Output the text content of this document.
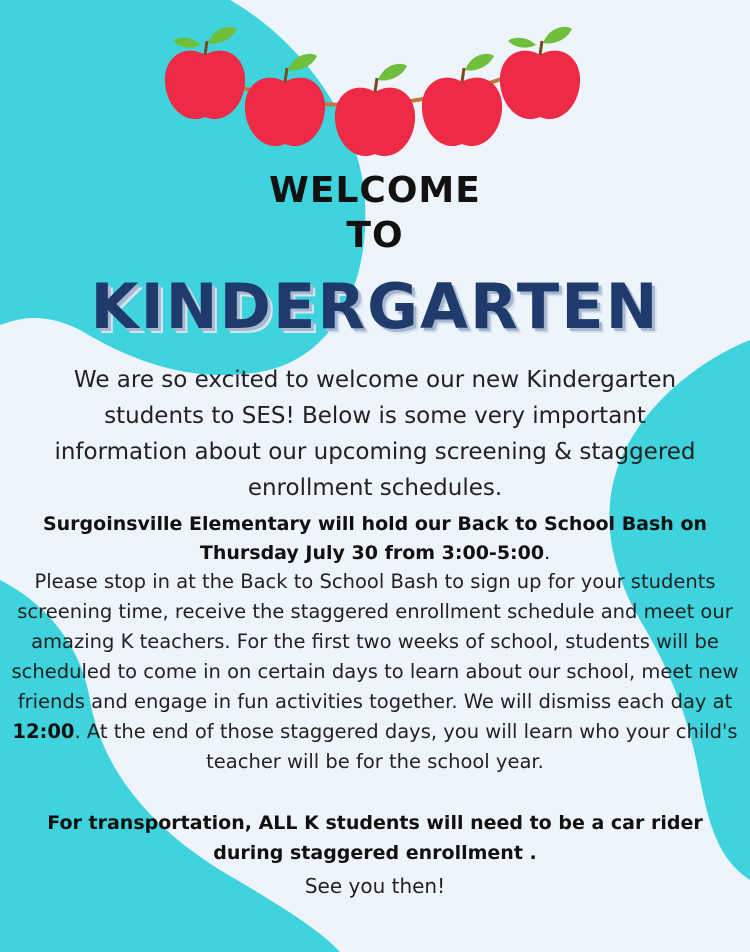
WELCOME
TO
KINDERGARTEN

We are so excited to welcome our new Kindergarten students to SES! Below is some very important information about our upcoming screening & staggered enrollment schedules.

Surgoinsville Elementary will hold our Back to School Bash on
Thursday July 30 from 3:00-5:00.

Please stop in at the Back to School Bash to sign up for your students screening time, receive the staggered enrollment schedule and meet our amazing K teachers. For the first two weeks of school, students will be scheduled to come in on certain days to learn about our school, meet new friends and engage in fun activities together. We will dismiss each day at 12:00. At the end of those staggered days, you will learn who your child's teacher will be for the school year.

For transportation, ALL K students will need to be a car rider during staggered enrollment .

See you then!
